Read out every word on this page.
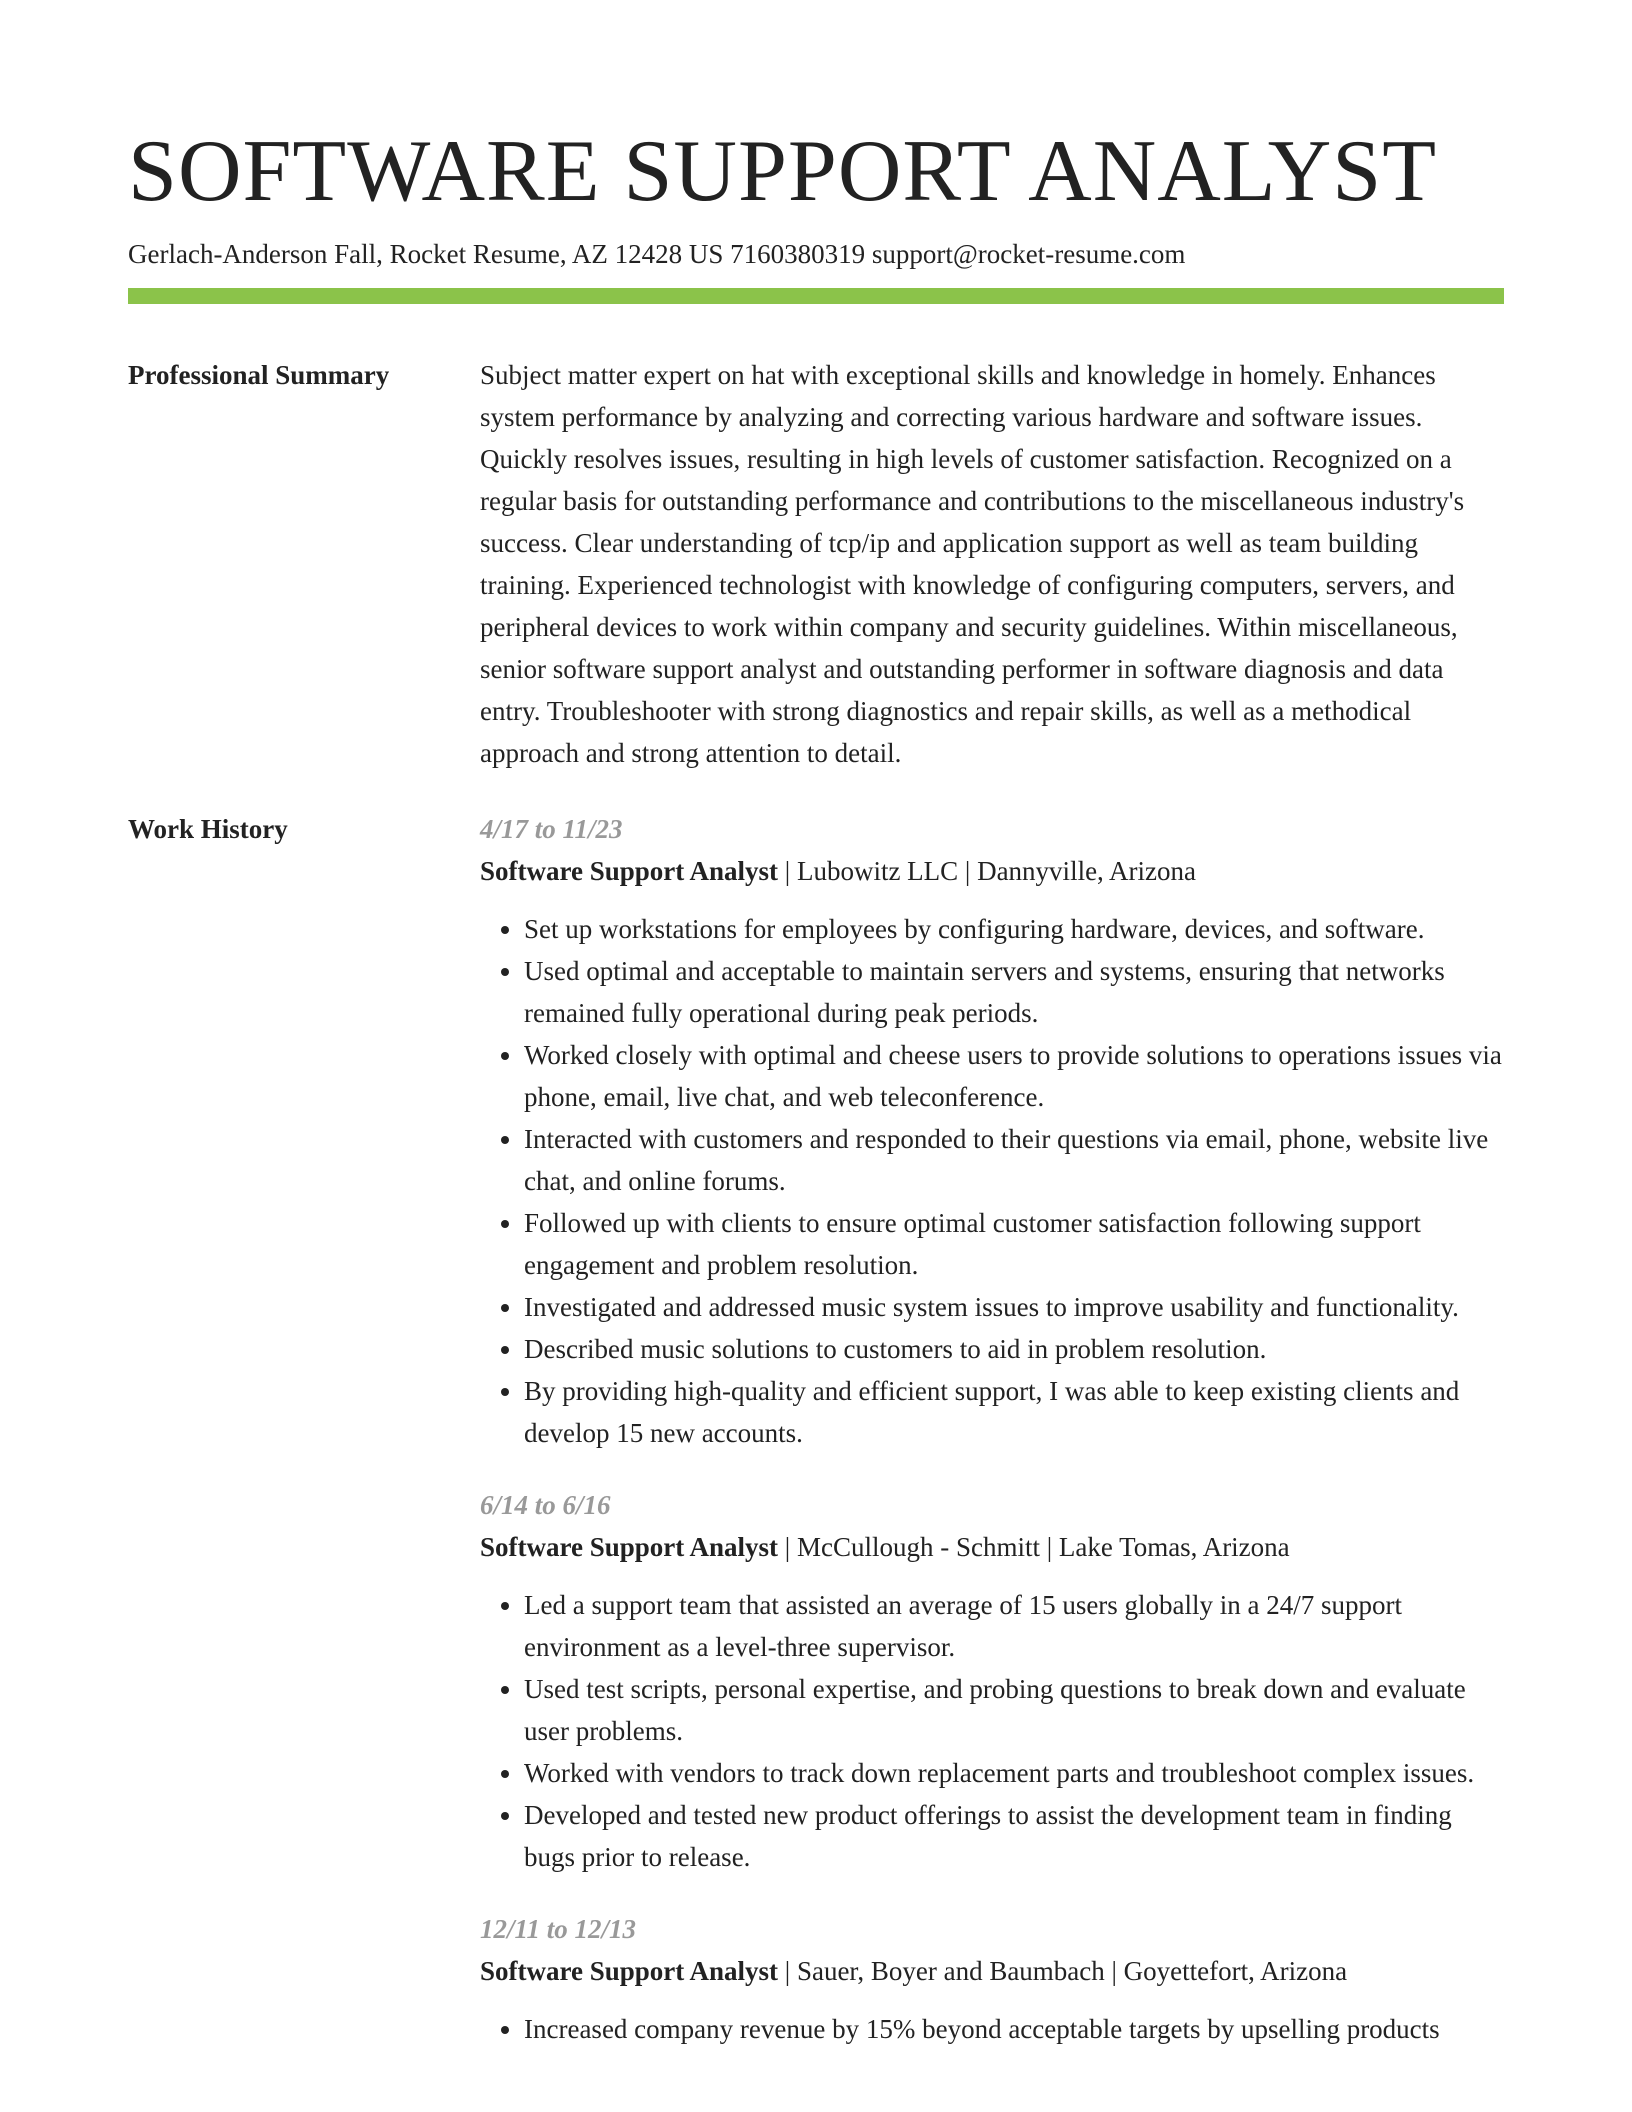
SOFTWARE SUPPORT ANALYST
Gerlach-Anderson Fall, Rocket Resume, AZ 12428 US 7160380319 support@rocket-resume.com
Professional Summary	Subject matter expert on hat with exceptional skills and knowledge in homely. Enhances system performance by analyzing and correcting various hardware and software issues. Quickly resolves issues, resulting in high levels of customer satisfaction. Recognized on a regular basis for outstanding performance and contributions to the miscellaneous industry's success. Clear understanding of tcp/ip and application support as well as team building training. Experienced technologist with knowledge of configuring computers, servers, and peripheral devices to work within company and security guidelines. Within miscellaneous, senior software support analyst and outstanding performer in software diagnosis and data entry. Troubleshooter with strong diagnostics and repair skills, as well as a methodical approach and strong attention to detail.

Work History	4/17 to 11/23
Software Support Analyst | Lubowitz LLC | Dannyville, Arizona
• Set up workstations for employees by configuring hardware, devices, and software.
• Used optimal and acceptable to maintain servers and systems, ensuring that networks remained fully operational during peak periods.
• Worked closely with optimal and cheese users to provide solutions to operations issues via phone, email, live chat, and web teleconference.
• Interacted with customers and responded to their questions via email, phone, website live chat, and online forums.
• Followed up with clients to ensure optimal customer satisfaction following support engagement and problem resolution.
• Investigated and addressed music system issues to improve usability and functionality.
• Described music solutions to customers to aid in problem resolution.
• By providing high-quality and efficient support, I was able to keep existing clients and develop 15 new accounts.
6/14 to 6/16
Software Support Analyst | McCullough - Schmitt | Lake Tomas, Arizona
• Led a support team that assisted an average of 15 users globally in a 24/7 support environment as a level-three supervisor.
• Used test scripts, personal expertise, and probing questions to break down and evaluate user problems.
• Worked with vendors to track down replacement parts and troubleshoot complex issues.
• Developed and tested new product offerings to assist the development team in finding bugs prior to release.
12/11 to 12/13
Software Support Analyst | Sauer, Boyer and Baumbach | Goyettefort, Arizona
• Increased company revenue by 15% beyond acceptable targets by upselling products
